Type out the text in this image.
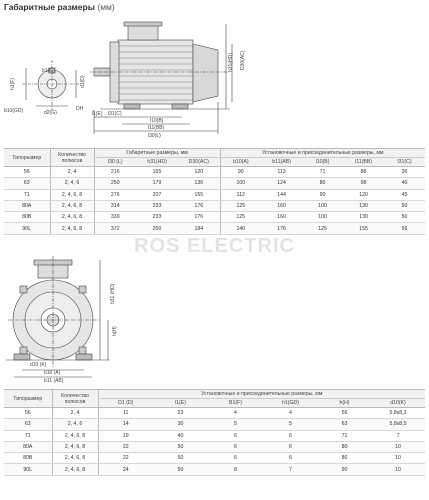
Габаритные размеры (мм)
h1(F)
b1(G)
d1(D)
d2(G)
b10(GD)	DH
l1(E) l31(C)
l10(B)
l11(BB)
l30(L)
h31(HD) D30(AC)
Типоразмер	Количество полюсов	Габаритные размеры, мм			Установочные и присоединительные размеры, мм				
		l30 (L)	h31(HD)	D30(AC)	b10(A)	b11(AB)	l10(B)	l11(BB)	l31(C)
56	2, 4	216	165	120	90	113	71	88	36
63	2, 4, 6	250	179	136	100	124	80	98	40
71	2, 4, 6, 8	276	207	155	112	144	90	120	45
80A	2, 4, 6, 8	314	233	176	125	160	100	130	50
80B	2, 4, 6, 8	339	233	176	125	160	100	130	50
90L	2, 4, 6, 8	372	250	184	140	176	125	155	56
ROS ELECTRIC
h31 (HD)
h(H)
d10 (K)
b10 (A)
b11 (AB)
Типоразмер	Количество полюсов	Установочные и присоединительные размеры, мм					
		D1 (D)	l1(E)	B1(F)	h1(GD)	h(H)	d10(K)
56	2, 4	11	23	4	4	56	5,8х8,3
63	2, 4, 6	14	30	5	5	63	5,8х8,5
71	2, 4, 6, 8	19	40	6	6	71	7
80A	2, 4, 6, 8	22	50	6	6	80	10
80B	2, 4, 6, 8	22	50	6	6	80	10
90L	2, 4, 6, 8	24	50	8	7	90	10
